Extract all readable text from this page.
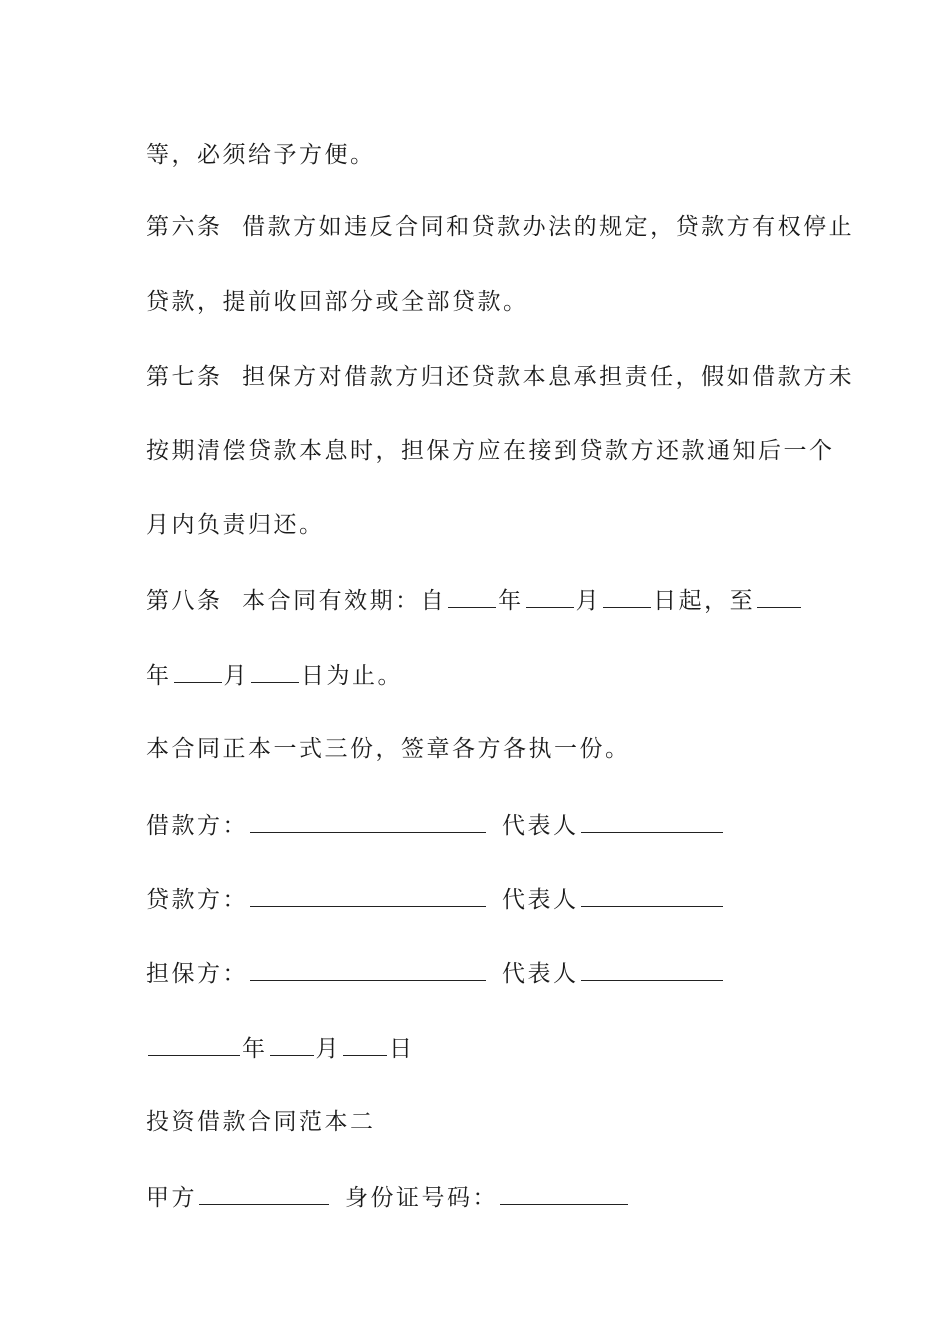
等，必须给予方便。
第六条  借款方如违反合同和贷款办法的规定，贷款方有权停止
贷款，提前收回部分或全部贷款。
第七条  担保方对借款方归还贷款本息承担责任，假如借款方未
按期清偿贷款本息时，担保方应在接到贷款方还款通知后一个
月内负责归还。
第八条  本合同有效期：自 年 月 日起，至
年 月 日为止。
本合同正本一式三份，签章各方各执一份。
借款方：	代表人
贷款方：	代表人
担保方：	代表人
年 月 日
投资借款合同范本二
甲方	身份证号码：
